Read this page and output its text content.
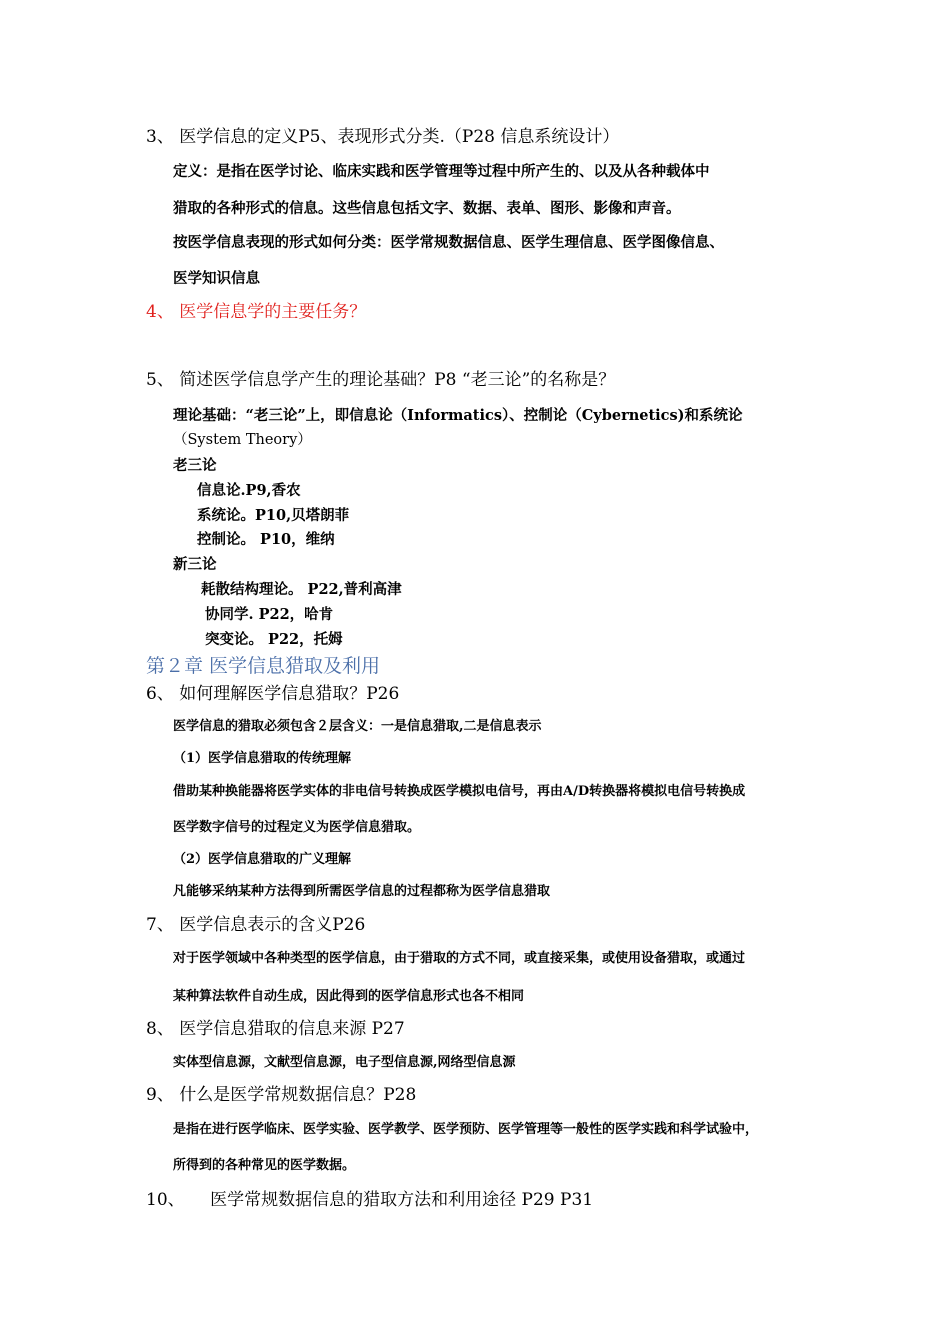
3、 医学信息的定义P5、表现形式分类.（P28 信息系统设计）

定义：是指在医学讨论、临床实践和医学管理等过程中所产生的、以及从各种载体中

猎取的各种形式的信息。这些信息包括文字、数据、表单、图形、影像和声音。

按医学信息表现的形式如何分类：医学常规数据信息、医学生理信息、医学图像信息、

医学知识信息

4、 医学信息学的主要任务？

5、 简述医学信息学产生的理论基础？P8 “老三论”的名称是？

理论基础：“老三论”上，即信息论（Informatics）、控制论（Cybernetics)和系统论

（System Theory）

老三论

信息论.P9,香农

系统论。P10,贝塔朗菲

控制论。 P10，维纳

新三论

耗散结构理论。 P22,普利高津

协同学. P22，哈肯

突变论。 P22，托姆

第２章 医学信息猎取及利用

6、 如何理解医学信息猎取？P26

医学信息的猎取必须包含２层含义：一是信息猎取,二是信息表示

（1）医学信息猎取的传统理解

借助某种换能器将医学实体的非电信号转换成医学模拟电信号，再由A/D转换器将模拟电信号转换成

医学数字信号的过程定义为医学信息猎取。

（2）医学信息猎取的广义理解

凡能够采纳某种方法得到所需医学信息的过程都称为医学信息猎取

7、 医学信息表示的含义P26

对于医学领域中各种类型的医学信息，由于猎取的方式不同，或直接采集，或使用设备猎取，或通过

某种算法软件自动生成，因此得到的医学信息形式也各不相同

8、 医学信息猎取的信息来源 P27

实体型信息源，文献型信息源，电子型信息源,网络型信息源

9、 什么是医学常规数据信息？P28

是指在进行医学临床、医学实验、医学教学、医学预防、医学管理等一般性的医学实践和科学试验中，

所得到的各种常见的医学数据。

10、　　医学常规数据信息的猎取方法和利用途径 P29 P31
